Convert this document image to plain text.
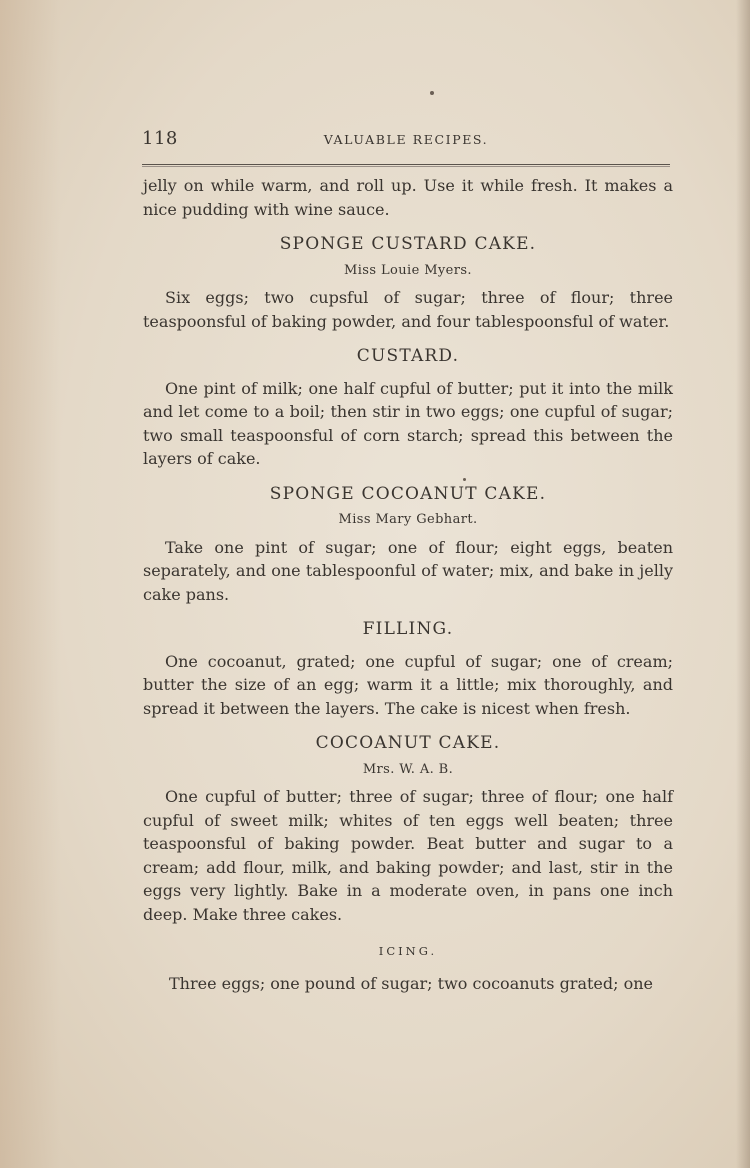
118	VALUABLE RECIPES.

jelly on while warm, and roll up. Use it while fresh. It makes a nice pudding with wine sauce.

SPONGE CUSTARD CAKE.
Miss Louie Myers.

Six eggs; two cupsful of sugar; three of flour; three teaspoonsful of baking powder, and four tablespoonsful of water.

CUSTARD.

One pint of milk; one half cupful of butter; put it into the milk and let come to a boil; then stir in two eggs; one cupful of sugar; two small teaspoonsful of corn starch; spread this between the layers of cake.

SPONGE COCOANUT CAKE.
Miss Mary Gebhart.

Take one pint of sugar; one of flour; eight eggs, beaten separately, and one tablespoonful of water; mix, and bake in jelly cake pans.

FILLING.

One cocoanut, grated; one cupful of sugar; one of cream; butter the size of an egg; warm it a little; mix thoroughly, and spread it between the layers. The cake is nicest when fresh.

COCOANUT CAKE.
Mrs. W. A. B.

One cupful of butter; three of sugar; three of flour; one half cupful of sweet milk; whites of ten eggs well beaten; three teaspoonsful of baking powder. Beat butter and sugar to a cream; add flour, milk, and baking powder; and last, stir in the eggs very lightly. Bake in a moderate oven, in pans one inch deep. Make three cakes.

ICING.

Three eggs; one pound of sugar; two cocoanuts grated; one
